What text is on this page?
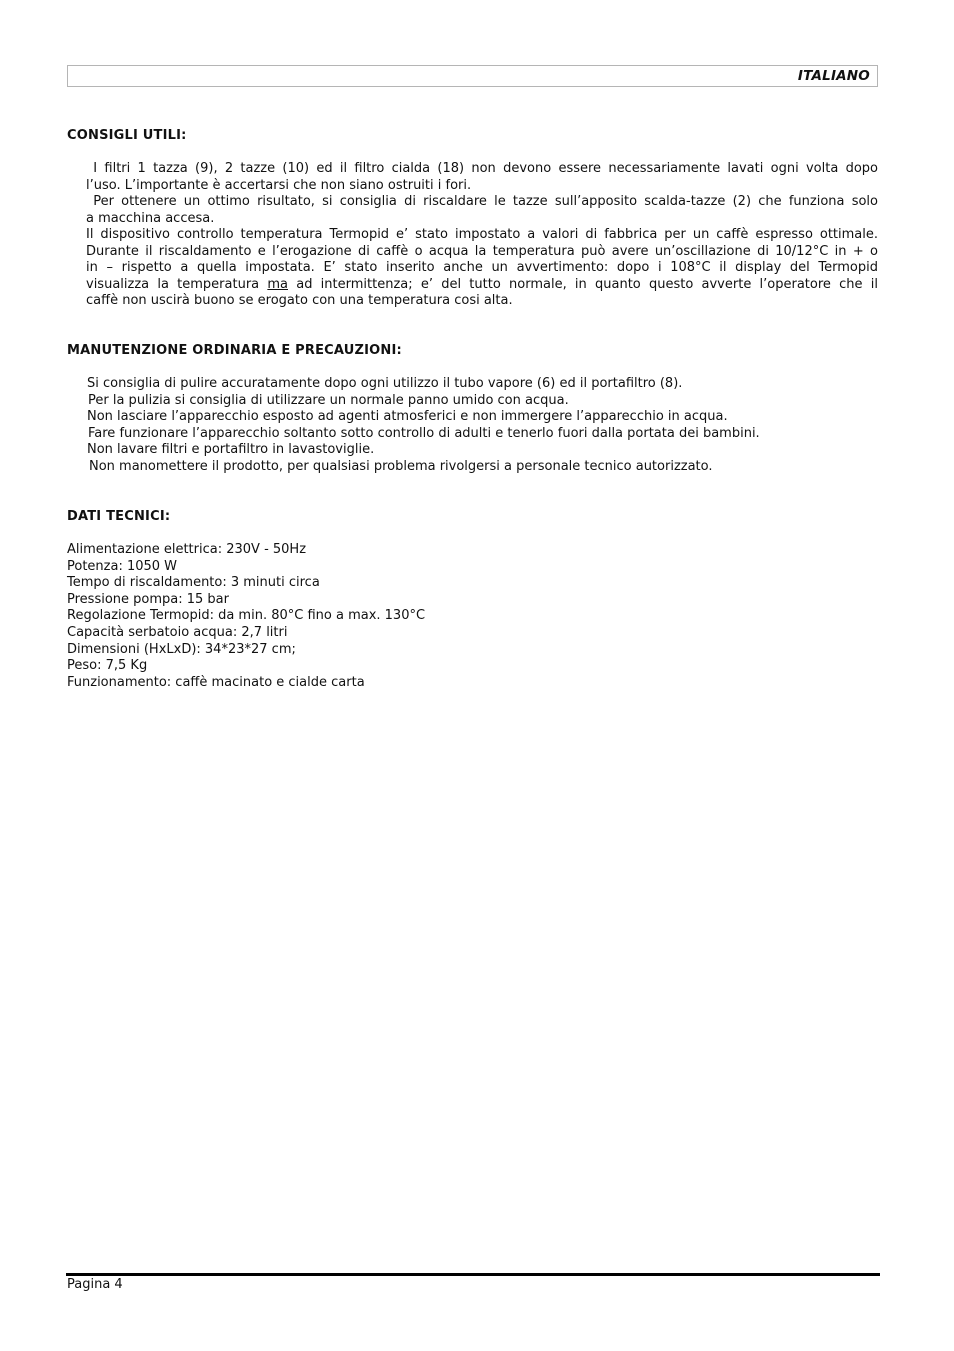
ITALIANO
CONSIGLI UTILI:
I filtri 1 tazza (9), 2 tazze (10) ed il filtro cialda (18) non devono essere necessariamente lavati ogni volta dopo
l’uso. L’importante è accertarsi che non siano ostruiti i fori.
Per ottenere un ottimo risultato, si consiglia di riscaldare le tazze sull’apposito scalda-tazze (2) che funziona solo
a macchina accesa.
Il dispositivo controllo temperatura Termopid e’ stato impostato a valori di fabbrica per un caffè espresso ottimale.
Durante il riscaldamento e l’erogazione di caffè o acqua la temperatura può avere un’oscillazione di 10/12°C in + o
in – rispetto a quella impostata. E’ stato inserito anche un avvertimento: dopo i 108°C il display del Termopid
visualizza la temperatura ma ad intermittenza; e’ del tutto normale, in quanto questo avverte l’operatore che il
caffè non uscirà buono se erogato con una temperatura cosi alta.
MANUTENZIONE ORDINARIA E PRECAUZIONI:
Si consiglia di pulire accuratamente dopo ogni utilizzo il tubo vapore (6) ed il portafiltro (8).
Per la pulizia si consiglia di utilizzare un normale panno umido con acqua.
Non lasciare l’apparecchio esposto ad agenti atmosferici e non immergere l’apparecchio in acqua.
Fare funzionare l’apparecchio soltanto sotto controllo di adulti e tenerlo fuori dalla portata dei bambini.
Non lavare filtri e portafiltro in lavastoviglie.
Non manomettere il prodotto, per qualsiasi problema rivolgersi a personale tecnico autorizzato.
DATI TECNICI:
Alimentazione elettrica: 230V - 50Hz
Potenza: 1050 W
Tempo di riscaldamento: 3 minuti circa
Pressione pompa: 15 bar
Regolazione Termopid: da min. 80°C fino a max. 130°C
Capacità serbatoio acqua: 2,7 litri
Dimensioni (HxLxD): 34*23*27 cm;
Peso: 7,5 Kg
Funzionamento: caffè macinato e cialde carta
Pagina 4
